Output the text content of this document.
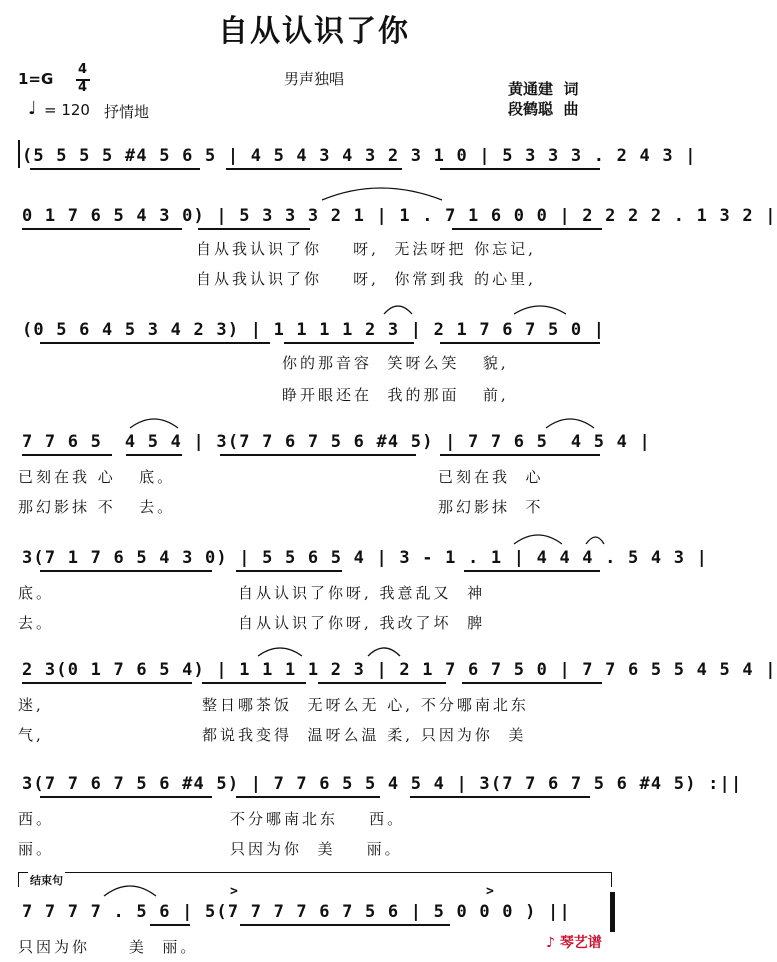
自从认识了你
1=G
4
4
♩ = 120 抒情地
男声独唱
黄通建  词
段鹤聪  曲
(5 5 5 5 #4 5 6 5 | 4 5 4 3 4 3 2 3 1 0 | 5 3 3 3 . 2 4 3 |
0 1 7 6 5 4 3 0) | 5 3 3 3 2 1 | 1 . 7 1 6 0 0 | 2 2 2 2 . 1 3 2 |
自从我认识了你    呀,  无法呀把 你忘记,
自从我认识了你    呀,  你常到我 的心里,
(0 5 6 4 5 3 4 2 3) | 1 1 1 1 2 3 | 2 1 7 6 7 5 0 |
你的那音容  笑呀么笑   貌,
睁开眼还在  我的那面   前,
7 7 6 5  4 5 4 | 3(7 7 6 7 5 6 #4 5) | 7 7 6 5  4 5 4 |
已刻在我 心   底。
那幻影抹 不   去。
已刻在我  心
那幻影抹  不
3(7 1 7 6 5 4 3 0) | 5 5 6 5 4 | 3 - 1 . 1 | 4 4 4 . 5 4 3 |
底。
去。
自从认识了你呀, 我意乱又  神
自从认识了你呀, 我改了坏  脾
2 3(0 1 7 6 5 4) | 1 1 1 1 2 3 | 2 1 7 6 7 5 0 | 7 7 6 5 5 4 5 4 |
迷,
气,
整日哪茶饭  无呀么无 心, 不分哪南北东
都说我变得  温呀么温 柔, 只因为你  美
3(7 7 6 7 5 6 #4 5) | 7 7 6 5 5 4 5 4 | 3(7 7 6 7 5 6 #4 5) :||
西。
丽。
不分哪南北东    西。
只因为你  美    丽。
结束句
>	>
7 7 7 7 . 5 6 | 5(7 7 7 7 6 7 5 6 | 5 0 0 0 ) ||
只因为你     美  丽。	♪ 琴艺谱
